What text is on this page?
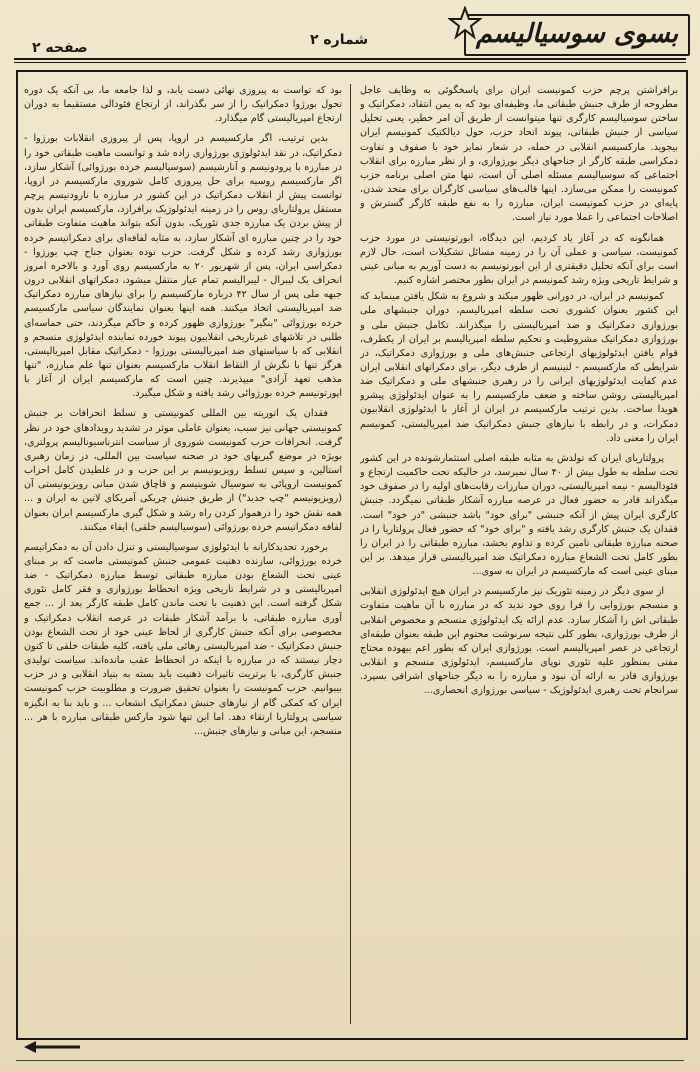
صفحه ۲	شماره ۲	بسوی سوسیالیسم

برافراشتن پرچم حزب کمونیست ایران برای پاسخگوئی به وظایف عاجل مطروحه از طرف جنبش طبقاتی ما، وظیفه‌ای بود که به یمن انتقاد، دمکراتیک و ساختن سوسیالیسم کارگری تنها میتوانست از طریق آن امر خطیر، یعنی تحلیل سیاسی از جنبش طبقاتی، پیوند اتحاد حزب، حول دیالکتیک کمونیسم ایران بیجوید. مارکسیسم انقلابی در حمله، در شعار تمایز خود با صفوف و تفاوت دمکراسی طبقه کارگر از جناحهای دیگر بورژوازی، و از نظر مبارزه برای انقلاب اجتماعی که سوسیالیسم مسئله اصلی آن است، تنها متن اصلی برنامه حزب کمونیست را ممکن می‌سازد. اینها قالب‌های سیاسی کارگران برای متحد شدن، پایه‌ای در حزب کمونیست ایران، مبارزه را به نفع طبقه کارگر گسترش و اصلاحات اجتماعی را عملا مورد نیاز است.

همانگونه که در آغاز یاد کردیم، این دیدگاه، ابورتونیستی در مورد حزب کمونیست، سیاسی و عملی آن را در زمینه مسائل تشکیلات است، حال لازم است برای آنکه تحلیل دقیقتری از این ابورتونیسم به دست آوریم به مبانی عینی و شرایط تاریخی ویژه رشد کمونیسم در ایران بطور مختصر اشاره کنیم.

کمونیسم در ایران، در دورانی ظهور میکند و شروع به شکل یافتن مینماید که این کشور بعنوان کشوری تحت سلطه امپریالیسم، دوران جنبشهای ملی بورژوازی دمکراتیک و ضد امپریالیستی را میگذراند. تکامل جنبش ملی و بورژوازی دمکراتیک مشروطیت و تحکیم سلطه امپریالیسم بر ایران از یکطرف، قوام یافتن ایدئولوژیهای ارتجاعی جنبش‌های ملی و بورژوازی دمکراتیک، در شرایطی که مارکسیسم - لنینیسم از طرف دیگر، برای دمکراتهای انقلابی ایران عدم کفایت ایدئولوژیهای ایرانی را در رهبری جنبشهای ملی و دمکراتیک ضد امپریالیستی روشن ساخته و ضعف مارکسیسم را به عنوان ایدئولوژی پیشرو هویدا ساخت. بدین ترتیب مارکسیسم در ایران از آغاز با ایدئولوژی انقلابیون دمکرات، و در رابطه با نیازهای جنبش دمکراتیک ضد امپریالیستی، کمونیسم ایران را معنی داد.

پرولتاریای ایران که تولدش به مثابه طبقه اصلی استثمارشونده در این کشور تحت سلطه به طول بیش از ۴۰ سال نمیرسد، در حالیکه تحت حاکمیت ارتجاع و فئودالیسم - نیمه امپریالیستی، دوران مبارزات رقابت‌های اولیه را در صفوف خود میگذراند قادر به حضور فعال در عرصه مبارزه آشکار طبقاتی نمیگردد. جنبش کارگری ایران پیش از آنکه جنبشی "برای خود" باشد جنبشی "در خود" است. فقدان یک جنبش کارگری رشد یافته و "برای خود" که حضور فعال پرولتاریا را در صحنه مبارزه طبقاتی تامین کرده و تداوم بخشد، مبارزه طبقاتی را در ایران را بطور کامل تحت الشعاع مبارزه دمکراتیک ضد امپریالیستی قرار میدهد. بر این مبنای عینی است که مارکسیسم در ایران به سوی...

از سوی دیگر در زمینه تئوریک نیز مارکسیسم در ایران هیچ ایدئولوژی انقلابی و منسجم بورژوایی را فرا روی خود ندید که در مبارزه با آن ماهیت متفاوت طبقاتی اش را آشکار سازد. عدم ارائه یک ایدئولوژی منسجم و مخصوص انقلابی از طرف بورژوازی، بطور کلی نتیجه سرنوشت محتوم این طبقه بعنوان طبقه‌ای ارتجاعی در عصر امپریالیسم است. بورژوازی ایران که بطور اعم بیهوده محتاج مفتی بمنظور علیه تئوری نوپای مارکسیسم، ایدئولوژی منسجم و انقلابی بورژوازی قادر به ارائه آن نبود و مبارزه را به دیگر جناحهای اشرافی بسپرد. سرانجام تحت رهبری ایدئولوژیک - سیاسی بورژوازی انحصاری...

بود که تواست به پیروزی نهائی دست یابد، و لذا جامعه ما، بی آنکه یک دوره تحول بورژوا دمکراتیک را از سر بگذراند، از ارتجاع فئودالی مستقیما به دوران ارتجاع امپریالیستی گام میگذارد.

بدین ترتیب، اگر مارکسیسم در اروپا، پس از پیروزی انقلابات بورژوا - دمکراتیک، در نقد ایدئولوژی بورژوازی زاده شد و توانست ماهیت طبقاتی خود را در مبارزه با پرودونیسم و آنارشیسم (سوسیالیسم خرده بورژوائی) آشکار سازد، اگر مارکسیسم روسیه برای حل پیروزی کامل شوروی مارکسیسم در اروپا، توانست پیش از انقلاب دمکراتیک در این کشور در مبارزه با نارودنیسم پرچم مستقل پرولتاریای روس را در زمینه ایدئولوژیک برافرازد، مارکسیسم ایران بدون از پیش بردن یک مبارزه جدی تئوریک، بدون آنکه بتواند ماهیت متفاوت طبقاتی خود را در چنین مبارزه ای آشکار سازد، به مثابه لفافه‌ای برای دمکراتیسم خرده بورژوازی رشد کرده و شکل گرفت. حزب توده بعنوان جناح چپ بورژوا - دمکراسی ایران، پس از شهریور ۲۰ به مارکسیسم روی آورد و بالاخره امروز انحراف یک لیبرال - لیبرالیسم تمام عیار منتقل میشود، دمکراتهای انقلابی درون جبهه ملی پس از سال ۴۲ درباره مارکسیسم را برای نیازهای مبارزه دمکراتیک ضد امپریالیستی اتخاذ میکنند. همه اینها بعنوان نمایندگان سیاسی مارکسیسم خرده بورژوائی "بنگیر" بورژوازی ظهور کرده و حاکم میگردند، حتی حماسه‌ای طلبی در تلاشهای غیرتاریخی انقلابیون پیوند خورده نماینده ایدئولوژی منسجم و انقلابی که با سیاستهای ضد امپریالیستی بورژوا - دمکراتیک مقابل امپریالیستی، هرگز تنها با نگرش از التقاط انقلاب مارکسیسم بعنوان تنها علم مبارزه، "تنها مذهب تعهد آزادی" میپذیرند. چنین است که مارکسیسم ایران از آغاز با اپورتونیسم خرده بورژوائی رشد یافته و شکل میگیرد.

فقدان یک اتوریته بین المللی کمونیستی و تسلط انحرافات بر جنبش کمونیستی جهانی نیز سبب، بعنوان عاملی موثر در تشدید رویدادهای خود در نظر گرفت. انحرافات حزب کمونیست شوروی از سیاست انترناسیونالیسم پرولتری، بویژه در موضع گیریهای خود در صحنه سیاست بین المللی، در زمان رهبری استالین، و سپس تسلط رویزیونیسم بر این حزب و در غلطیدن کامل احزاب کمونیست اروپائی به سوسیال شوینیسم و قاچاق شدن مبانی رویزیونیستی آن (رویزیونیسم "چپ جدید") از طریق جنبش چریکی آمریکای لاتین به ایران و ... همه نقش خود را درهموار کردن راه رشد و شکل گیری مارکسیسم ایران بعنوان لفافه دمکراتیسم خرده بورژوائی (سوسیالیسم خلقی) ایفاء میکنند.

برخورد تحدیدکارانه با ایدئولوژی سوسیالیستی و تنزل دادن آن به دمکراتیسم خرده بورژوائی، سازنده دهنیت عمومی جنبش کمونیستی ماست که بر مبنای عینی تحت الشعاع بودن مبارزه طبقاتی توسط مبارزه دمکراتیک - ضد امپریالیستی و در شرایط تاریخی ویژه انحطاط بورژوازی و فقر کامل تئوری شکل گرفته است. این ذهنیت با تحت ماندن کامل طبقه کارگر بعد از ... جمع آوری مبارزه طبقاتی، با برآمد آشکار طبقات در عرصه انقلاب دمکراتیک و مخصوصی برای آنکه جنبش کارگری از لحاظ عینی خود از تحت الشعاع بودن جنبش دمکراتیک - ضد امپریالیستی رهائی ملی یافته، کلیه طبقات خلقی تا کنون دچار نیستند که در مبارزه با اینکه در انحطاط عقب مانده‌اند. سیاست تولیدی جنبش کارگری، با برتریت تاثیرات ذهنیت باید بسته به بنیاد انقلابی و در حزب بیبوانیم. حزب کمونیست را بعنوان تحقیق ضرورت و مطلوبیت حزب کمونیست ایران که کمکی گام از نیازهای جنبش دمکراتیک انشعاب ... و باید بنا به انگیزه سیاسی پرولتاریا ارتقاء دهد. اما این تنها شود مارکس طبقاتی مبارزه با هر ... منسجم، این مبانی و نیازهای جنبش...
